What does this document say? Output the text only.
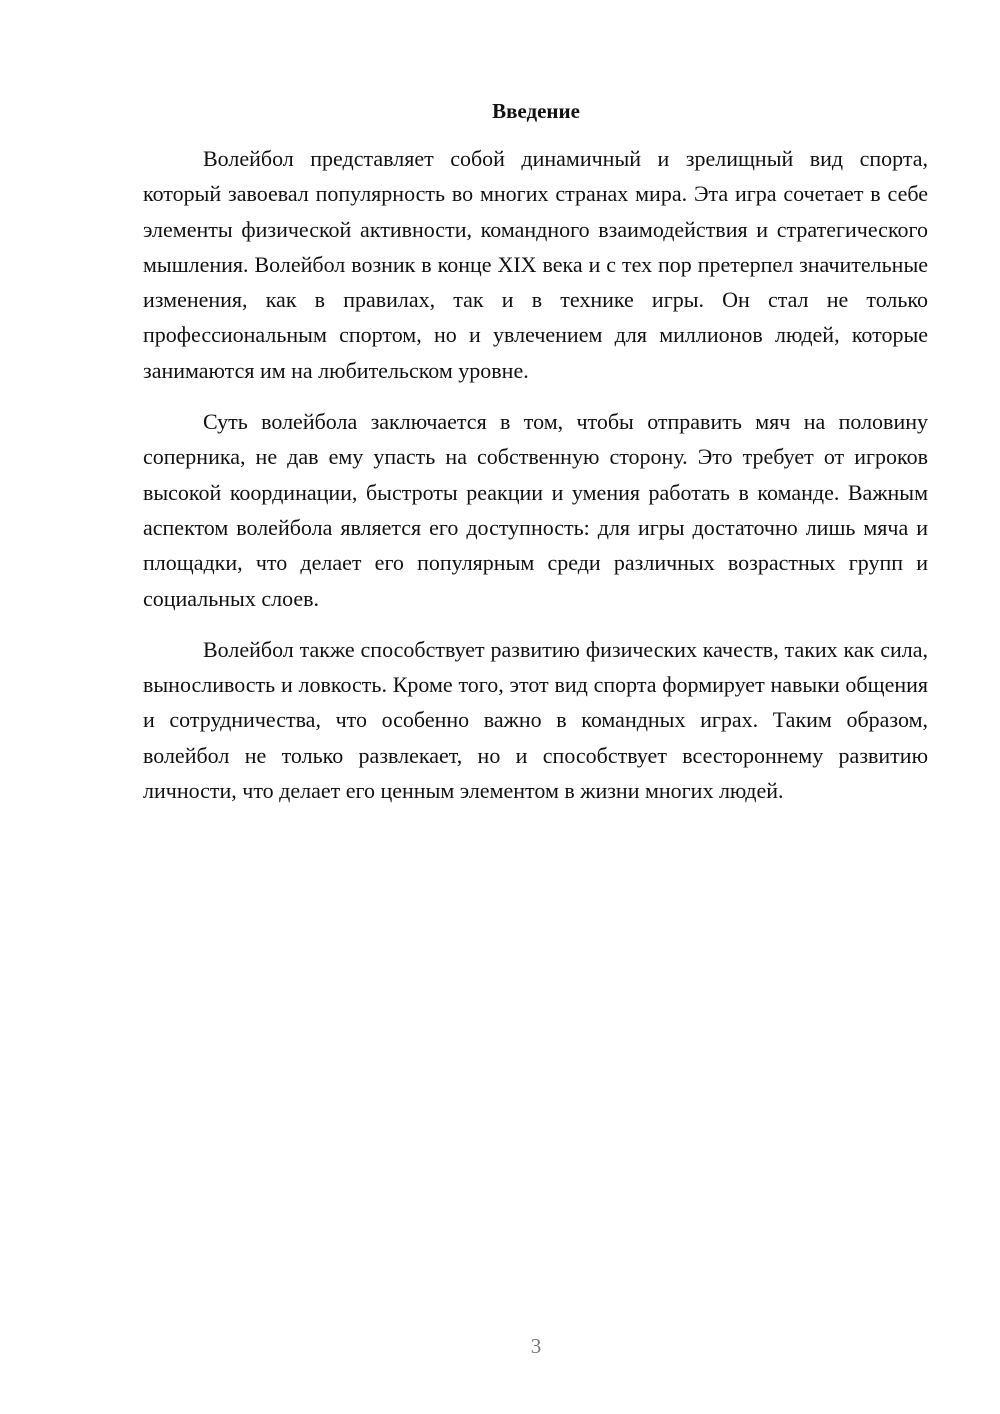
Введение

Волейбол представляет собой динамичный и зрелищный вид спорта, который завоевал популярность во многих странах мира. Эта игра сочетает в себе элементы физической активности, командного взаимодействия и стратегического мышления. Волейбол возник в конце XIX века и с тех пор претерпел значительные изменения, как в правилах, так и в технике игры. Он стал не только профессиональным спортом, но и увлечением для миллионов людей, которые занимаются им на любительском уровне.

Суть волейбола заключается в том, чтобы отправить мяч на половину соперника, не дав ему упасть на собственную сторону. Это требует от игроков высокой координации, быстроты реакции и умения работать в команде. Важным аспектом волейбола является его доступность: для игры достаточно лишь мяча и площадки, что делает его популярным среди различных возрастных групп и социальных слоев.

Волейбол также способствует развитию физических качеств, таких как сила, выносливость и ловкость. Кроме того, этот вид спорта формирует навыки общения и сотрудничества, что особенно важно в командных играх. Таким образом, волейбол не только развлекает, но и способствует всестороннему развитию личности, что делает его ценным элементом в жизни многих людей.

3
